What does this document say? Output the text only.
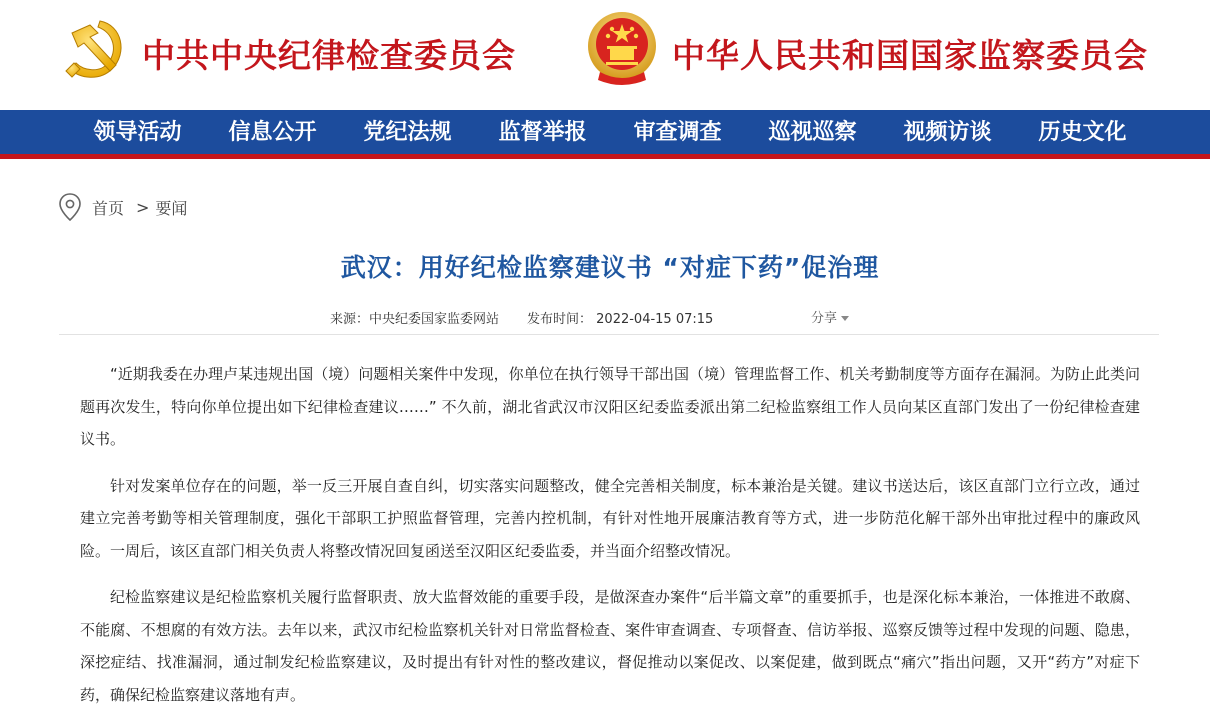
中共中央纪律检查委员会	中华人民共和国国家监察委员会
领导活动	信息公开	党纪法规	监督举报	审查调查	巡视巡察	视频访谈	历史文化
首页 > 要闻
武汉：用好纪检监察建议书 “对症下药”促治理
来源：中央纪委国家监委网站 发布时间： 2022-04-15 07:15	分享

“近期我委在办理卢某违规出国（境）问题相关案件中发现，你单位在执行领导干部出国（境）管理监督工作、机关考勤制度等方面存在漏洞。为防止此类问题再次发生，特向你单位提出如下纪律检查建议……” 不久前，湖北省武汉市汉阳区纪委监委派出第二纪检监察组工作人员向某区直部门发出了一份纪律检查建议书。

针对发案单位存在的问题，举一反三开展自查自纠，切实落实问题整改，健全完善相关制度，标本兼治是关键。建议书送达后，该区直部门立行立改，通过建立完善考勤等相关管理制度，强化干部职工护照监督管理，完善内控机制，有针对性地开展廉洁教育等方式，进一步防范化解干部外出审批过程中的廉政风险。一周后，该区直部门相关负责人将整改情况回复函送至汉阳区纪委监委，并当面介绍整改情况。

纪检监察建议是纪检监察机关履行监督职责、放大监督效能的重要手段，是做深查办案件“后半篇文章”的重要抓手，也是深化标本兼治，一体推进不敢腐、不能腐、不想腐的有效方法。去年以来，武汉市纪检监察机关针对日常监督检查、案件审查调查、专项督查、信访举报、巡察反馈等过程中发现的问题、隐患，深挖症结、找准漏洞，通过制发纪检监察建议，及时提出有针对性的整改建议，督促推动以案促改、以案促建，做到既点“痛穴”指出问题，又开“药方”对症下药，确保纪检监察建议落地有声。
